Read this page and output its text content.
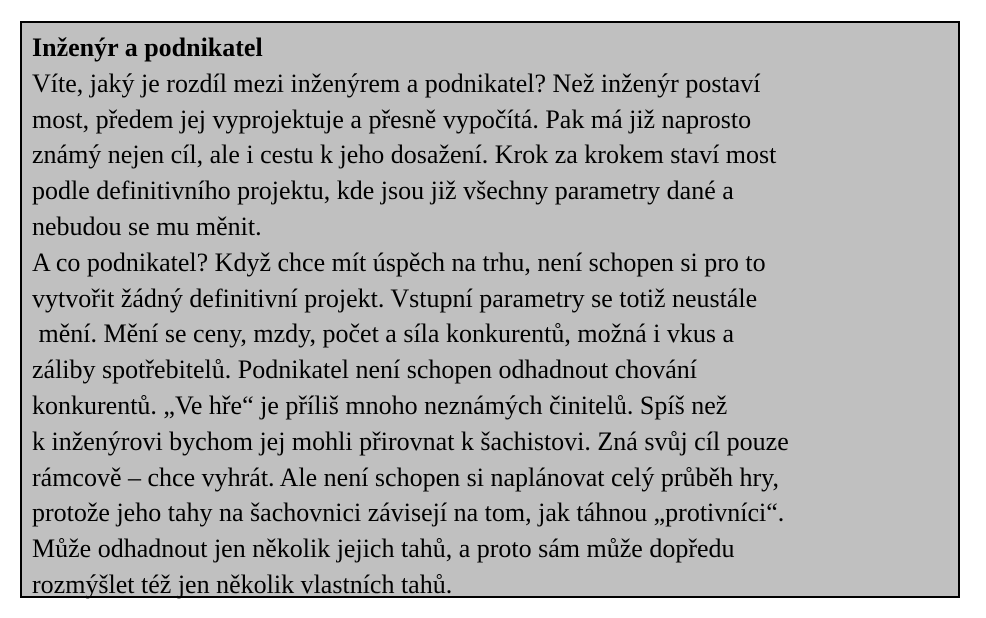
Inženýr a podnikatel
Víte, jaký je rozdíl mezi inženýrem a podnikatel? Než inženýr postaví
most, předem jej vyprojektuje a přesně vypočítá. Pak má již naprosto
známý nejen cíl, ale i cestu k jeho dosažení. Krok za krokem staví most
podle definitivního projektu, kde jsou již všechny parametry dané a
nebudou se mu měnit.
A co podnikatel? Když chce mít úspěch na trhu, není schopen si pro to
vytvořit žádný definitivní projekt. Vstupní parametry se totiž neustále
mění. Mění se ceny, mzdy, počet a síla konkurentů, možná i vkus a
záliby spotřebitelů. Podnikatel není schopen odhadnout chování
konkurentů. „Ve hře“ je příliš mnoho neznámých činitelů. Spíš než
k inženýrovi bychom jej mohli přirovnat k šachistovi. Zná svůj cíl pouze
rámcově – chce vyhrát. Ale není schopen si naplánovat celý průběh hry,
protože jeho tahy na šachovnici závisejí na tom, jak táhnou „protivníci“.
Může odhadnout jen několik jejich tahů, a proto sám může dopředu
rozmýšlet též jen několik vlastních tahů.
